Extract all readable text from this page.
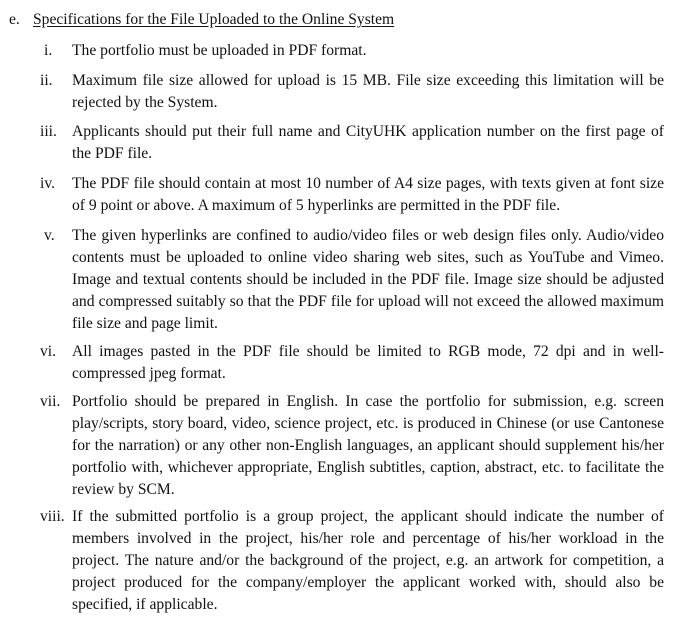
e. Specifications for the File Uploaded to the Online System
i. The portfolio must be uploaded in PDF format.
ii. Maximum file size allowed for upload is 15 MB. File size exceeding this limitation will be rejected by the System.
iii. Applicants should put their full name and CityUHK application number on the first page of the PDF file.
iv. The PDF file should contain at most 10 number of A4 size pages, with texts given at font size of 9 point or above. A maximum of 5 hyperlinks are permitted in the PDF file.
v. The given hyperlinks are confined to audio/video files or web design files only. Audio/video contents must be uploaded to online video sharing web sites, such as YouTube and Vimeo. Image and textual contents should be included in the PDF file. Image size should be adjusted and compressed suitably so that the PDF file for upload will not exceed the allowed maximum file size and page limit.
vi. All images pasted in the PDF file should be limited to RGB mode, 72 dpi and in well-compressed jpeg format.
vii. Portfolio should be prepared in English. In case the portfolio for submission, e.g. screen play/scripts, story board, video, science project, etc. is produced in Chinese (or use Cantonese for the narration) or any other non-English languages, an applicant should supplement his/her portfolio with, whichever appropriate, English subtitles, caption, abstract, etc. to facilitate the review by SCM.
viii. If the submitted portfolio is a group project, the applicant should indicate the number of members involved in the project, his/her role and percentage of his/her workload in the project. The nature and/or the background of the project, e.g. an artwork for competition, a project produced for the company/employer the applicant worked with, should also be specified, if applicable.
